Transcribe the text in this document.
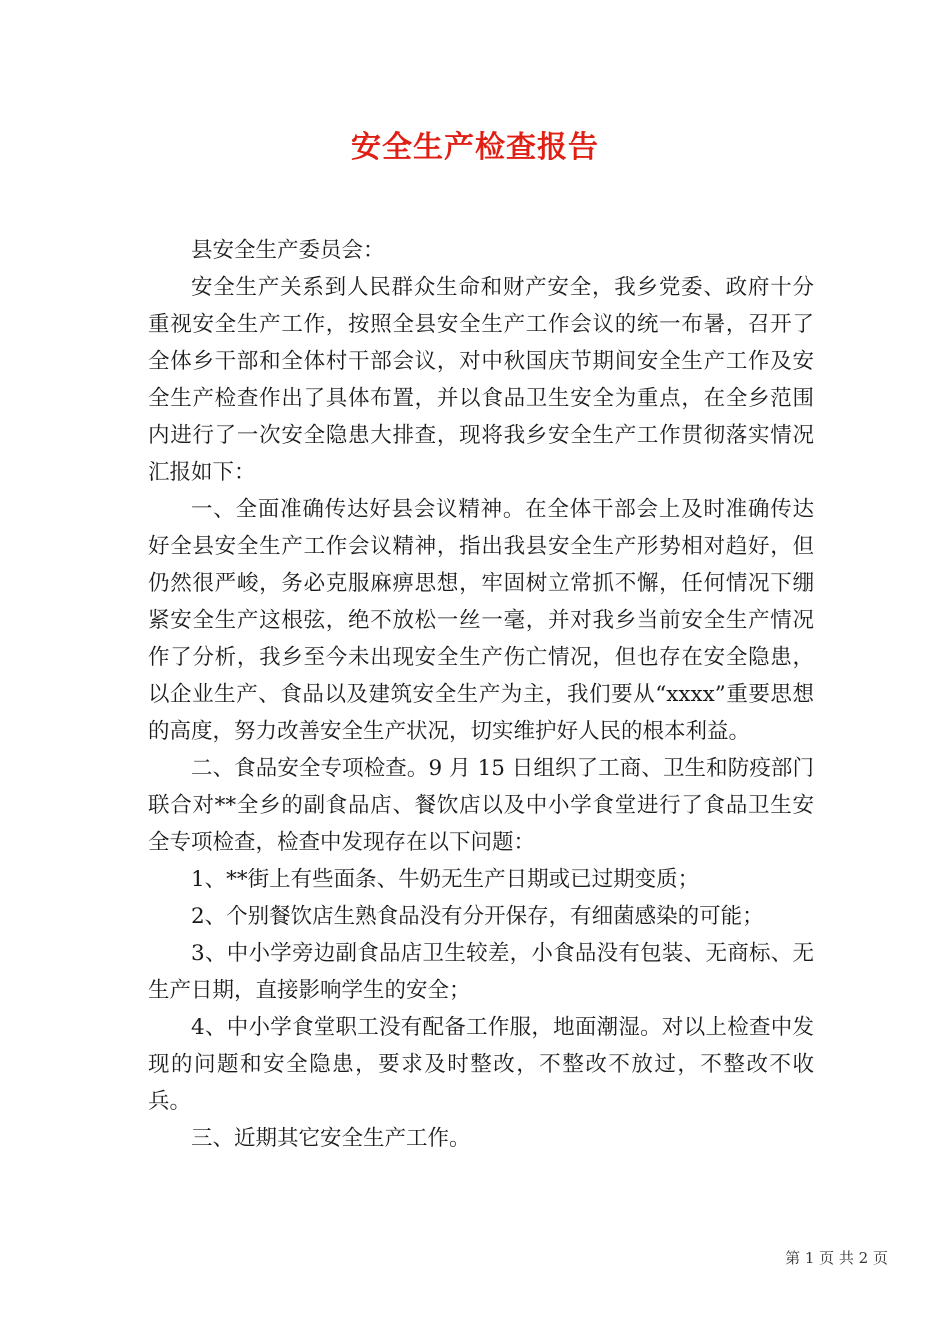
安全生产检查报告

县安全生产委员会：

安全生产关系到人民群众生命和财产安全，我乡党委、政府十分重视安全生产工作，按照全县安全生产工作会议的统一布暑，召开了全体乡干部和全体村干部会议，对中秋国庆节期间安全生产工作及安全生产检查作出了具体布置，并以食品卫生安全为重点，在全乡范围内进行了一次安全隐患大排查，现将我乡安全生产工作贯彻落实情况汇报如下：

一、全面准确传达好县会议精神。在全体干部会上及时准确传达好全县安全生产工作会议精神，指出我县安全生产形势相对趋好，但仍然很严峻，务必克服麻痹思想，牢固树立常抓不懈，任何情况下绷紧安全生产这根弦，绝不放松一丝一毫，并对我乡当前安全生产情况作了分析，我乡至今未出现安全生产伤亡情况，但也存在安全隐患，以企业生产、食品以及建筑安全生产为主，我们要从“xxxx”重要思想的高度，努力改善安全生产状况，切实维护好人民的根本利益。

二、食品安全专项检查。9 月 15 日组织了工商、卫生和防疫部门联合对**全乡的副食品店、餐饮店以及中小学食堂进行了食品卫生安全专项检查，检查中发现存在以下问题：

1、**街上有些面条、牛奶无生产日期或已过期变质；

2、个别餐饮店生熟食品没有分开保存，有细菌感染的可能；

3、中小学旁边副食品店卫生较差，小食品没有包装、无商标、无生产日期，直接影响学生的安全；

4、中小学食堂职工没有配备工作服，地面潮湿。对以上检查中发现的问题和安全隐患，要求及时整改，不整改不放过，不整改不收兵。

三、近期其它安全生产工作。

第 1 页 共 2 页
